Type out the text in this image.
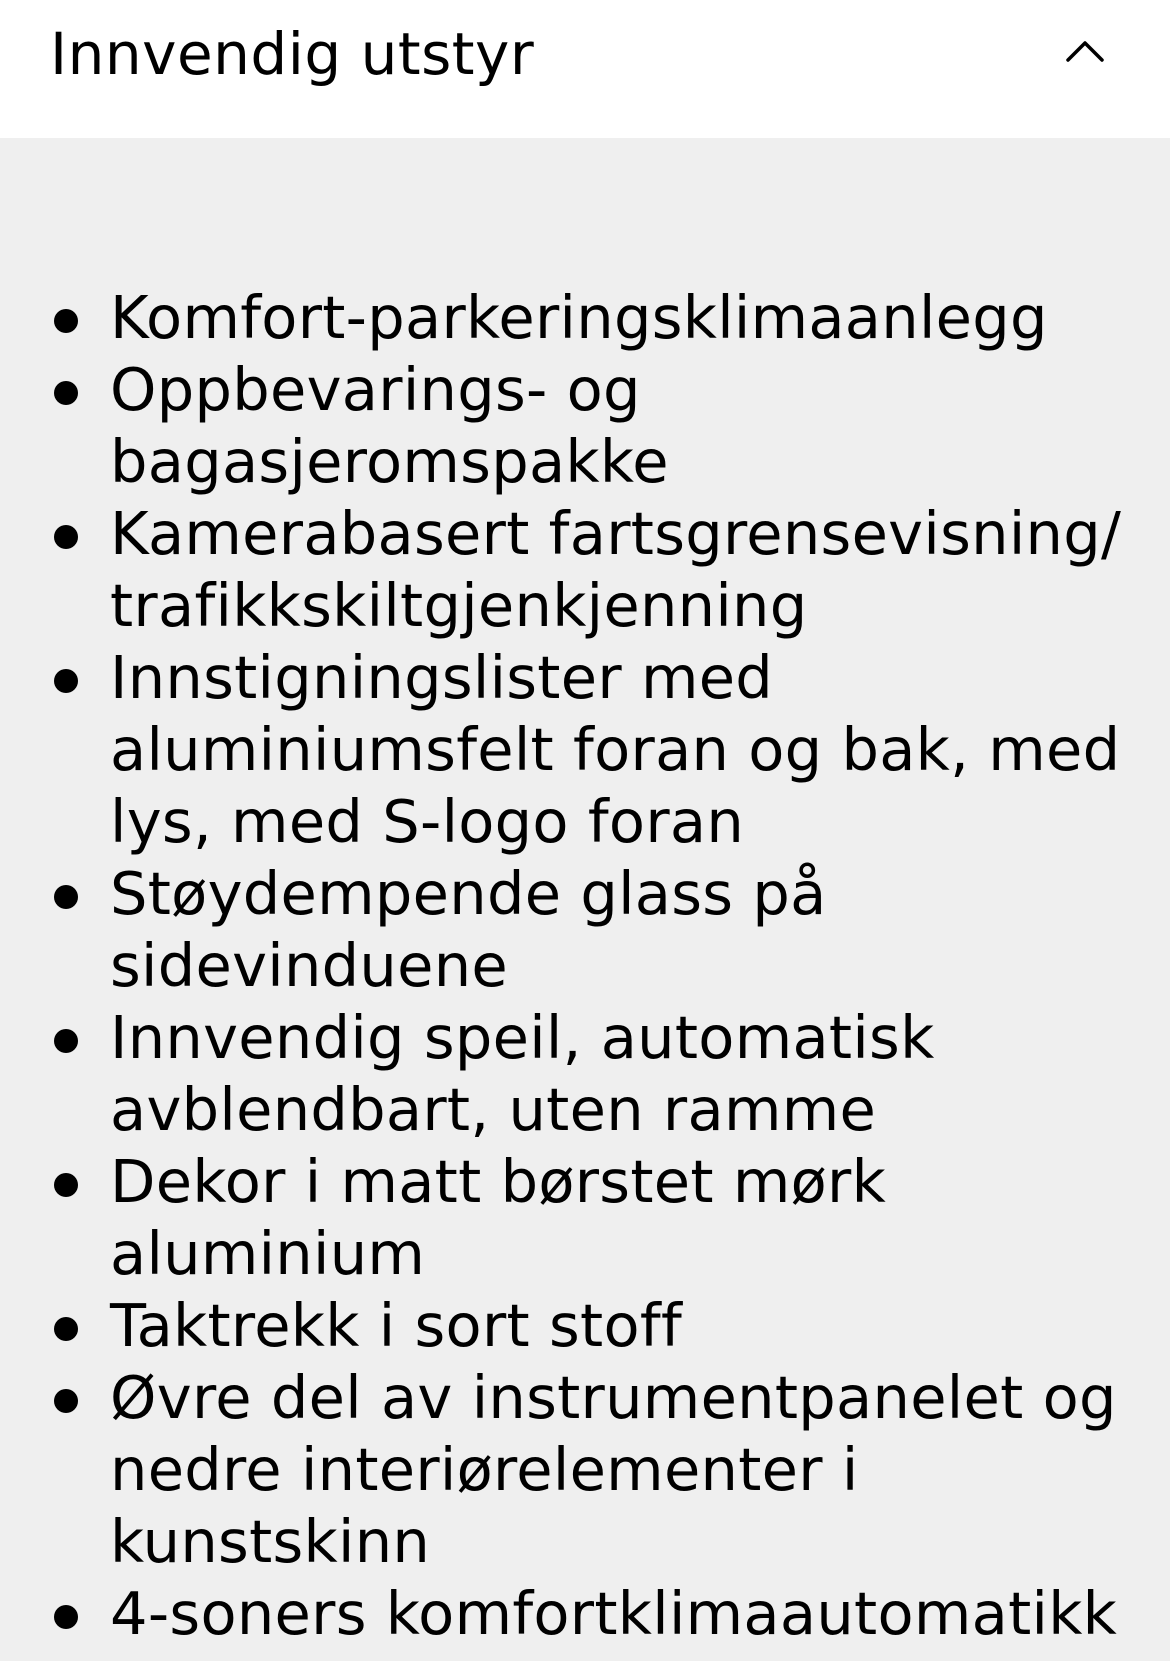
Innvendig utstyr
Komfort-parkeringsklimaanlegg
Oppbevarings- og bagasjeromspakke
Kamerabasert fartsgrensevisning/ trafikkskiltgjenkjenning
Innstigningslister med aluminiumsfelt foran og bak, med lys, med S-logo foran
Støydempende glass på sidevinduene
Innvendig speil, automatisk avblendbart, uten ramme
Dekor i matt børstet mørk aluminium
Taktrekk i sort stoff
Øvre del av instrumentpanelet og nedre interiørelementer i kunstskinn
4-soners komfortklimaautomatikk
